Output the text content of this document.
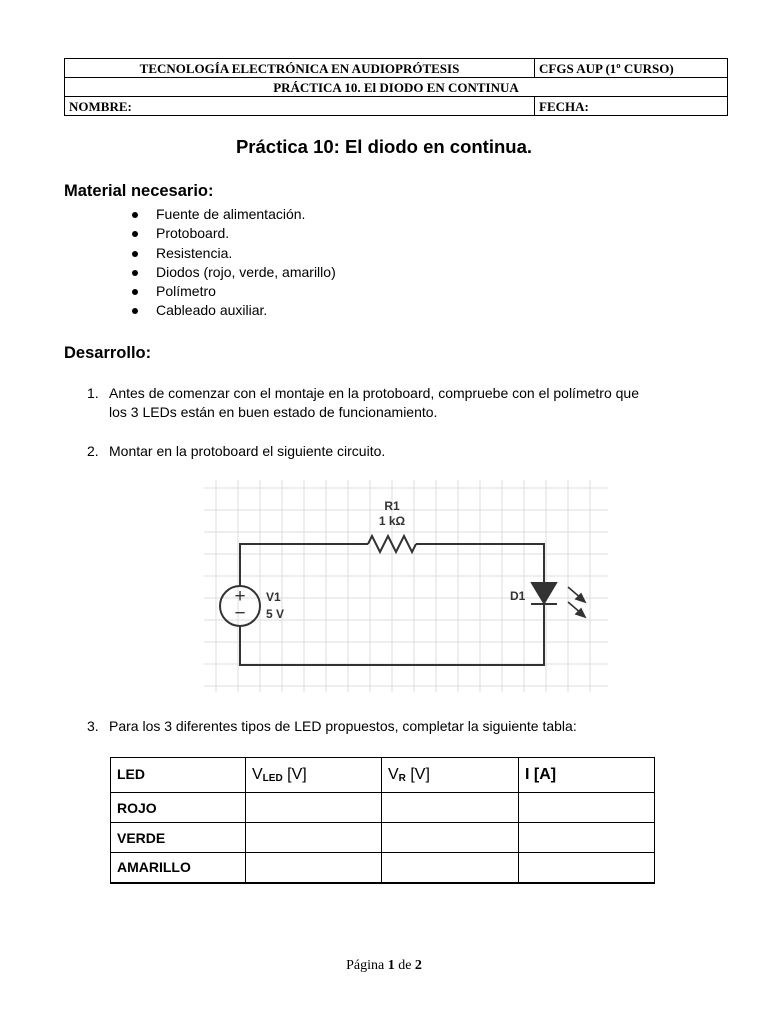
TECNOLOGÍA ELECTRÓNICA EN AUDIOPRÓTESIS	CFGS AUP (1º CURSO)
PRÁCTICA 10. El DIODO EN CONTINUA	
NOMBRE:	FECHA:
Práctica 10: El diodo en continua.
Material necesario:
Fuente de alimentación.
Protoboard.
Resistencia.
Diodos (rojo, verde, amarillo)
Polímetro
Cableado auxiliar.
Desarrollo:
1. Antes de comenzar con el montaje en la protoboard, compruebe con el polímetro que
los 3 LEDs están en buen estado de funcionamiento.
2. Montar en la protoboard el siguiente circuito.
+
−
R1
1 kΩ
V1
5 V
D1
3. Para los 3 diferentes tipos de LED propuestos, completar la siguiente tabla:
LED	$V_{LED}$ [V]	$V_R$ [V]	I [A]
ROJO			
VERDE			
AMARILLO			
Página 1 de 2
